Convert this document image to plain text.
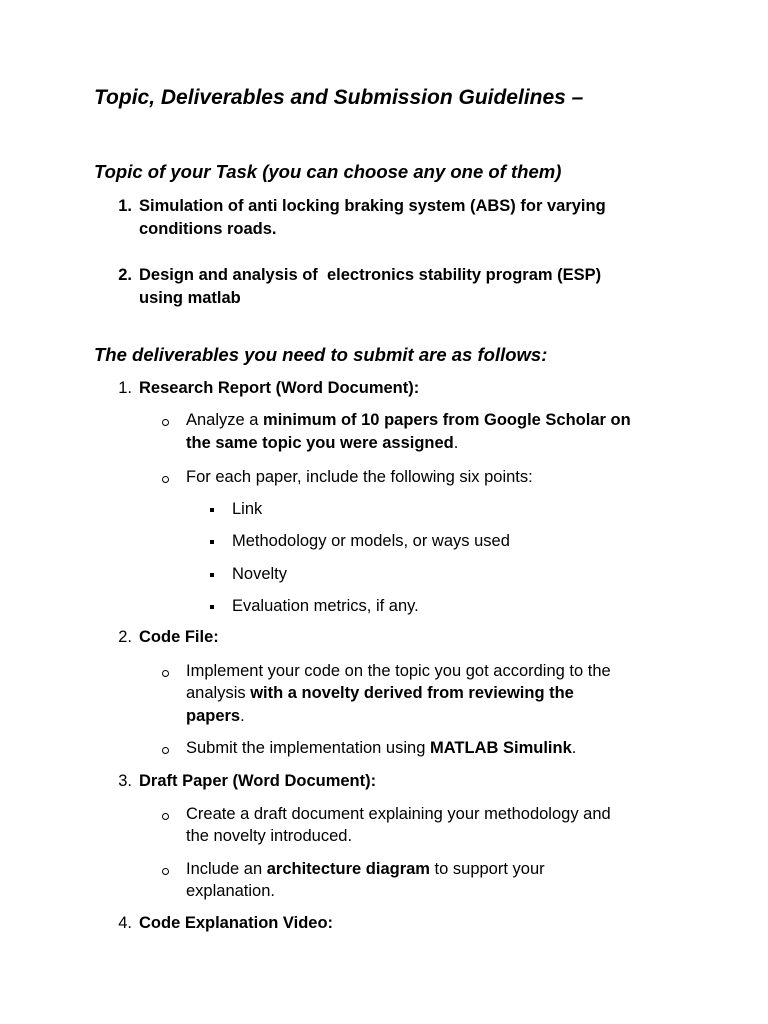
Topic, Deliverables and Submission Guidelines –
Topic of your Task (you can choose any one of them)
1. Simulation of anti locking braking system (ABS) for varying
conditions roads.
2. Design and analysis of  electronics stability program (ESP)
using matlab
The deliverables you need to submit are as follows:
1. Research Report (Word Document):
Analyze a minimum of 10 papers from Google Scholar on
the same topic you were assigned.
For each paper, include the following six points:
Link
Methodology or models, or ways used
Novelty
Evaluation metrics, if any.
2. Code File:
Implement your code on the topic you got according to the
analysis with a novelty derived from reviewing the
papers.
Submit the implementation using MATLAB Simulink.
3. Draft Paper (Word Document):
Create a draft document explaining your methodology and
the novelty introduced.
Include an architecture diagram to support your
explanation.
4. Code Explanation Video:
